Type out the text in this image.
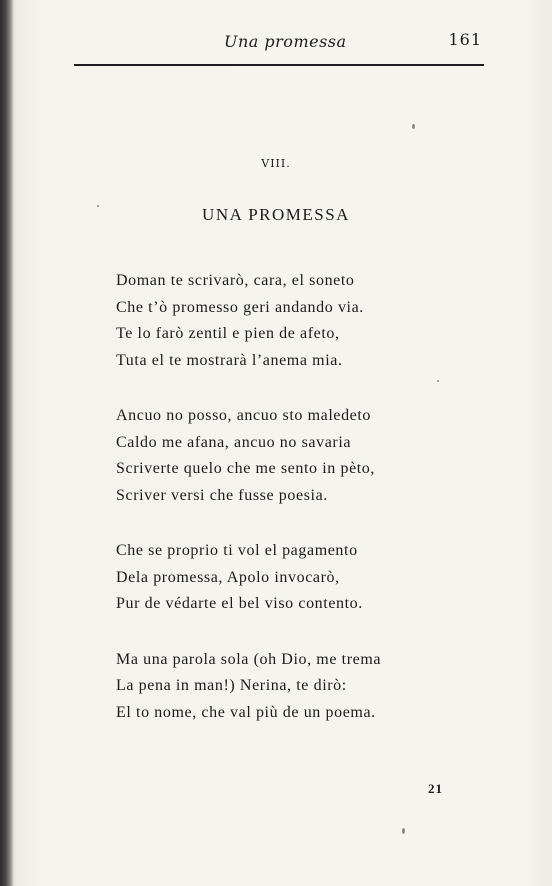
Una promessa	161
VIII.
UNA PROMESSA
Doman te scrivarò, cara, el soneto
Che t’ò promesso geri andando via.
Te lo farò zentil e pien de afeto,
Tuta el te mostrarà l’anema mia.
Ancuo no posso, ancuo sto maledeto
Caldo me afana, ancuo no savaria
Scriverte quelo che me sento in pèto,
Scriver versi che fusse poesia.
Che se proprio ti vol el pagamento
Dela promessa, Apolo invocarò,
Pur de védarte el bel viso contento.
Ma una parola sola (oh Dio, me trema
La pena in man!) Nerina, te dirò:
El to nome, che val più de un poema.
21
